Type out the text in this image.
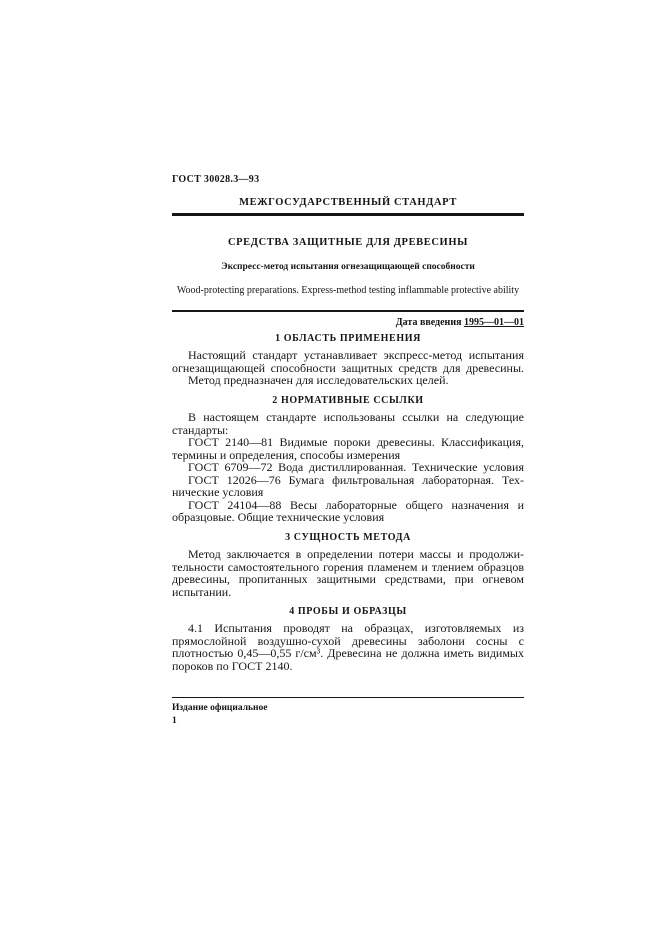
ГОСТ 30028.3—93
МЕЖГОСУДАРСТВЕННЫЙ СТАНДАРТ
СРЕДСТВА ЗАЩИТНЫЕ ДЛЯ ДРЕВЕСИНЫ
Экспресс-метод испытания огнезащищающей способности
Wood-protecting preparations. Express-method testing inflammable protective ability
Дата введения 1995—01—01
1 ОБЛАСТЬ ПРИМЕНЕНИЯ
Настоящий стандарт устанавливает экспресс-метод испытания
огнезащищающей способности защитных средств для древесины.
Метод предназначен для исследовательских целей.
2 НОРМАТИВНЫЕ ССЫЛКИ
В настоящем стандарте использованы ссылки на следующие
стандарты:
ГОСТ 2140—81 Видимые пороки древесины. Классификация,
термины и определения, способы измерения
ГОСТ 6709—72 Вода дистиллированная. Технические условия
ГОСТ 12026—76 Бумага фильтровальная лабораторная. Тех-
нические условия
ГОСТ 24104—88 Весы лабораторные общего назначения и
образцовые. Общие технические условия
3 СУЩНОСТЬ МЕТОДА
Метод заключается в определении потери массы и продолжи-
тельности самостоятельного горения пламенем и тлением образцов
древесины, пропитанных защитными средствами, при огневом
испытании.
4 ПРОБЫ И ОБРАЗЦЫ
4.1 Испытания проводят на образцах, изготовляемых из
прямослойной воздушно-сухой древесины заболони сосны с
плотностью 0,45—0,55 г/см³. Древесина не должна иметь видимых
пороков по ГОСТ 2140.
Издание официальное
1
